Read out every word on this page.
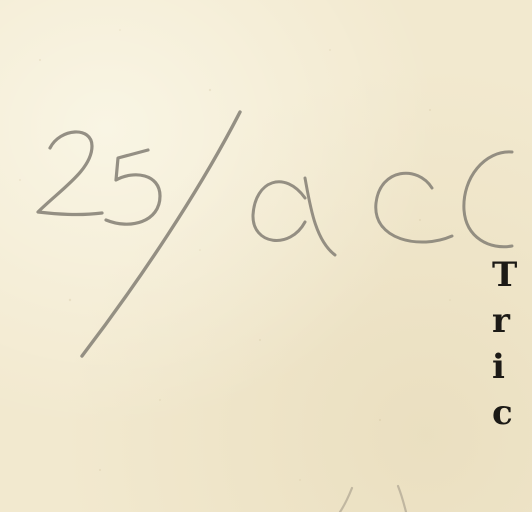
T
r
i
c
